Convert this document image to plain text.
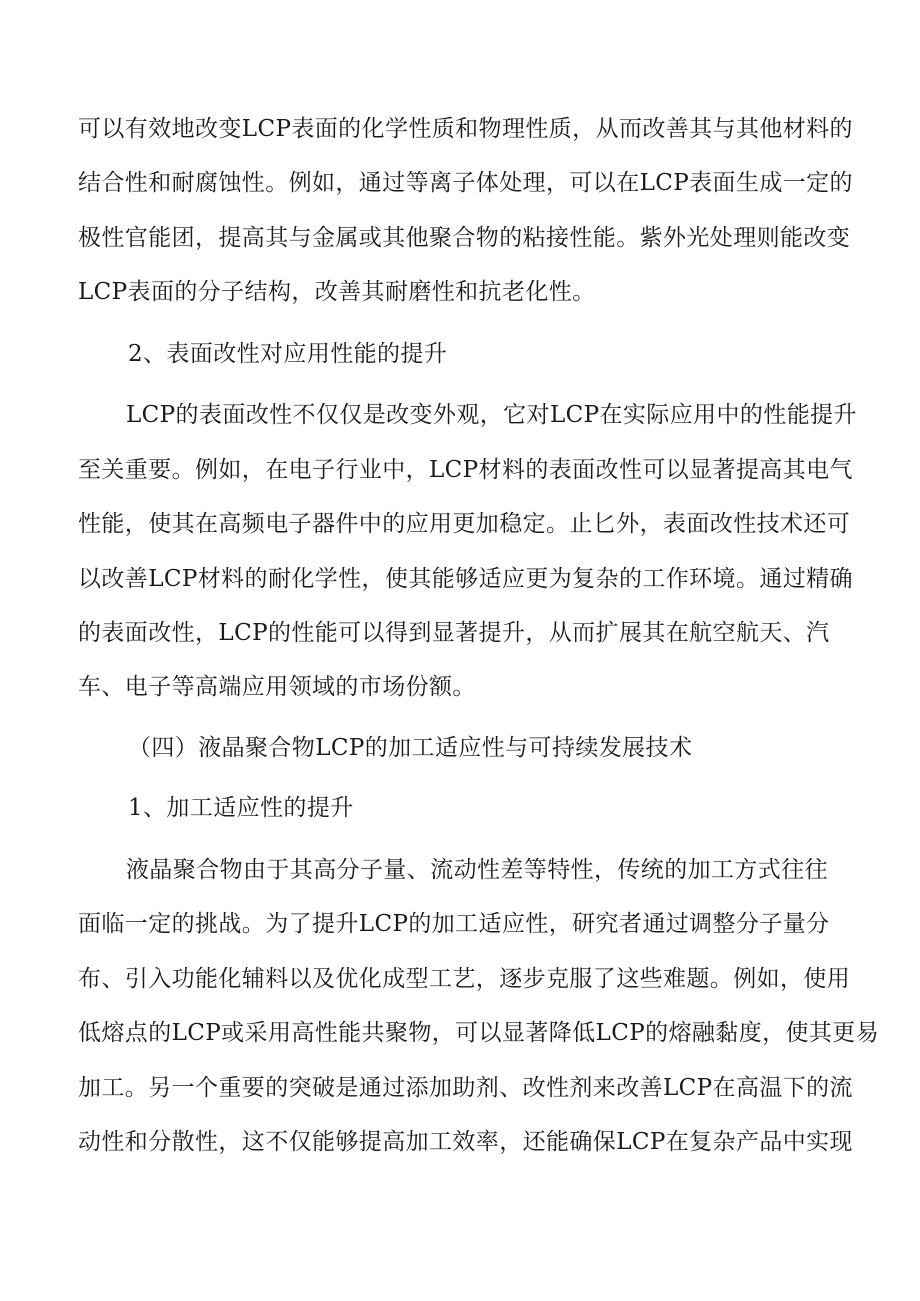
可以有效地改变LCP表面的化学性质和物理性质，从而改善其与其他材料的
结合性和耐腐蚀性。例如，通过等离子体处理，可以在LCP表面生成一定的
极性官能团，提高其与金属或其他聚合物的粘接性能。紫外光处理则能改变
LCP表面的分子结构，改善其耐磨性和抗老化性。
2、表面改性对应用性能的提升
LCP的表面改性不仅仅是改变外观，它对LCP在实际应用中的性能提升
至关重要。例如，在电子行业中，LCP材料的表面改性可以显著提高其电气
性能，使其在高频电子器件中的应用更加稳定。止匕外，表面改性技术还可
以改善LCP材料的耐化学性，使其能够适应更为复杂的工作环境。通过精确
的表面改性，LCP的性能可以得到显著提升，从而扩展其在航空航天、汽
车、电子等高端应用领域的市场份额。
（四）液晶聚合物LCP的加工适应性与可持续发展技术
1、加工适应性的提升
液晶聚合物由于其高分子量、流动性差等特性，传统的加工方式往往
面临一定的挑战。为了提升LCP的加工适应性，研究者通过调整分子量分
布、引入功能化辅料以及优化成型工艺，逐步克服了这些难题。例如，使用
低熔点的LCP或采用高性能共聚物，可以显著降低LCP的熔融黏度，使其更易
加工。另一个重要的突破是通过添加助剂、改性剂来改善LCP在高温下的流
动性和分散性，这不仅能够提高加工效率，还能确保LCP在复杂产品中实现
